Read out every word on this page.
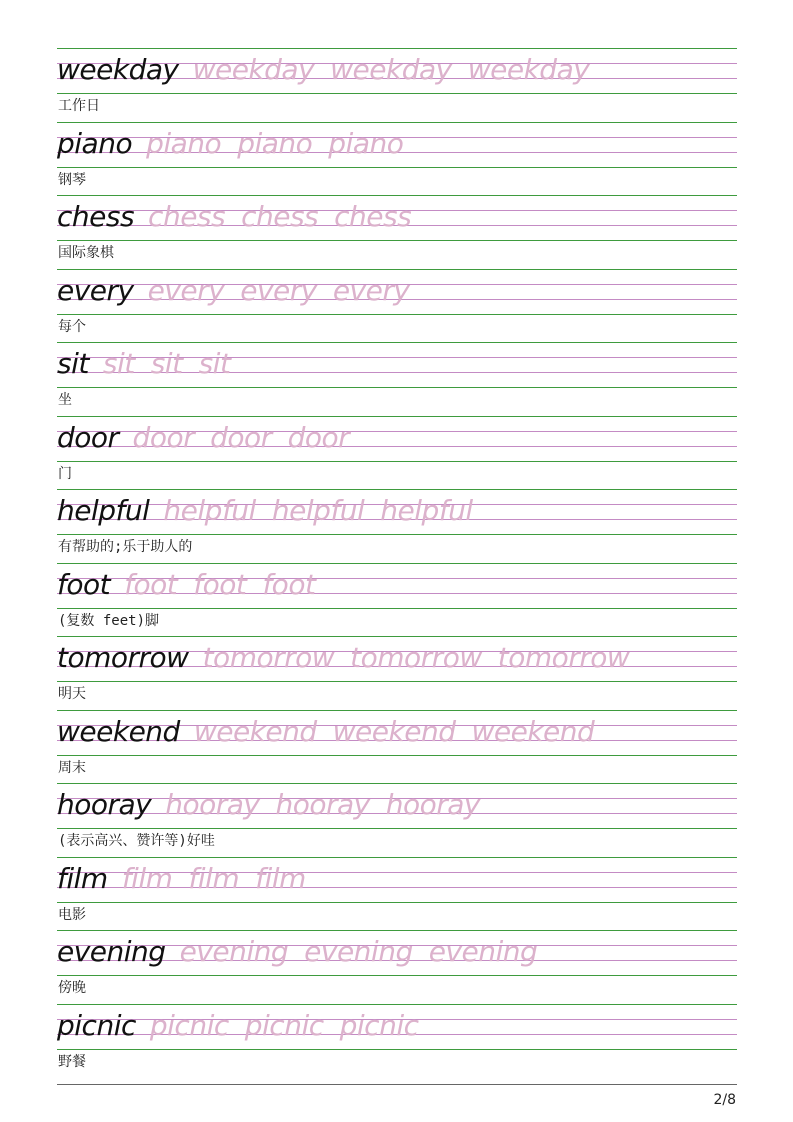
weekday weekday weekday weekday
工作日
piano piano piano piano
钢琴
chess chess chess chess
国际象棋
every every every every
每个
sit sit sit sit
坐
door door door door
门
helpful helpful helpful helpful
有帮助的;乐于助人的
foot foot foot foot
(复数 feet)脚
tomorrow tomorrow tomorrow tomorrow
明天
weekend weekend weekend weekend
周末
hooray hooray hooray hooray
(表示高兴、赞许等)好哇
film film film film
电影
evening evening evening evening
傍晚
picnic picnic picnic picnic
野餐
2/8
